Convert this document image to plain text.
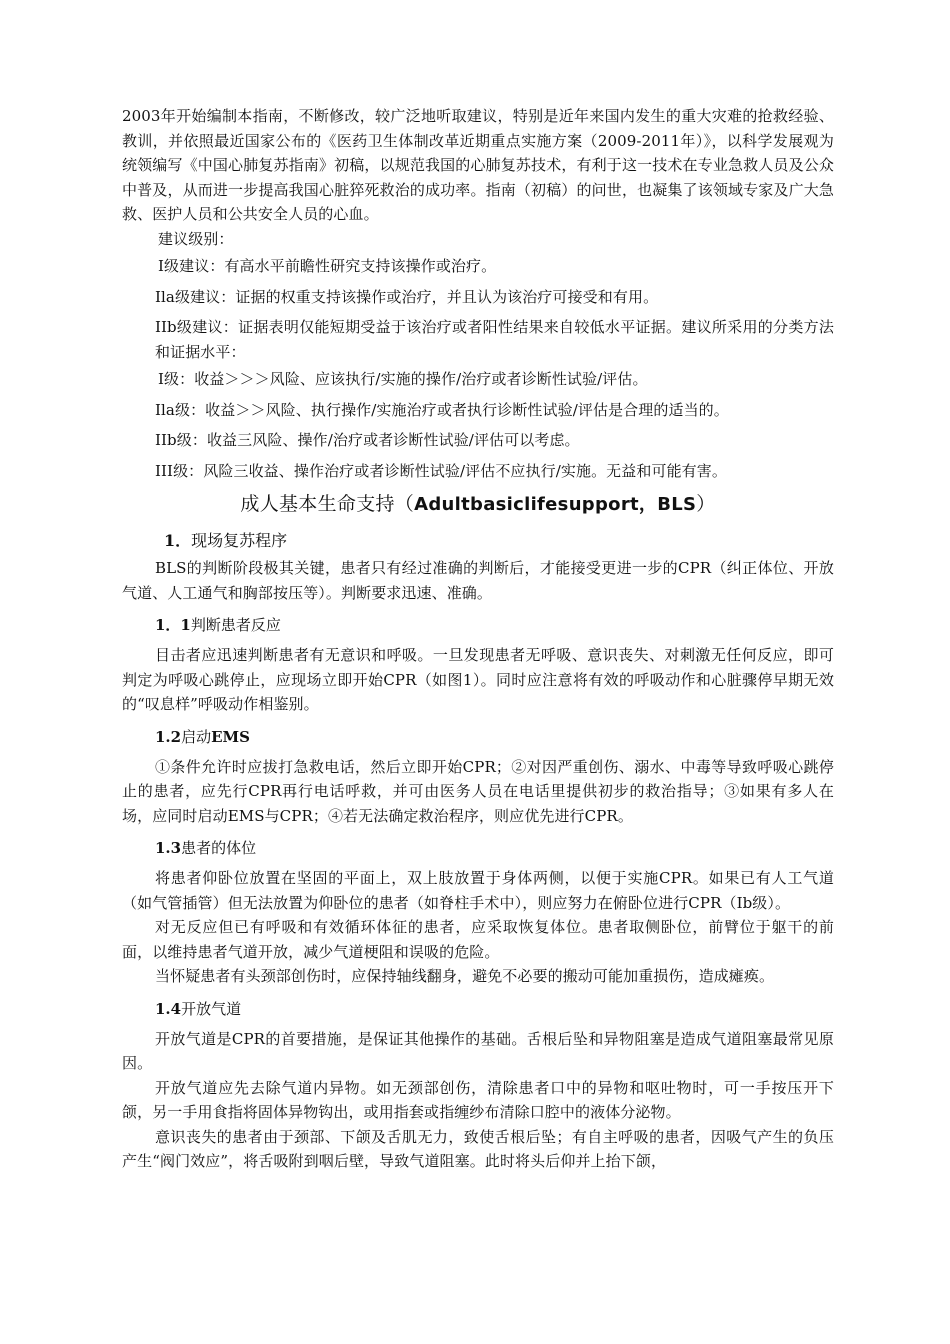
2003年开始编制本指南，不断修改，较广泛地听取建议，特别是近年来国内发生的重大灾难的抢救经验、教训，并依照最近国家公布的《医药卫生体制改革近期重点实施方案（2009-2011年）》，以科学发展观为统领编写《中国心肺复苏指南》初稿，以规范我国的心肺复苏技术，有利于这一技术在专业急救人员及公众中普及，从而进一步提高我国心脏猝死救治的成功率。指南（初稿）的问世，也凝集了该领域专家及广大急救、医护人员和公共安全人员的心血。

建议级别：

Ⅰ级建议：有高水平前瞻性研究支持该操作或治疗。

Ila级建议：证据的权重支持该操作或治疗，并且认为该治疗可接受和有用。

IIb级建议：证据表明仅能短期受益于该治疗或者阳性结果来自较低水平证据。建议所采用的分类方法和证据水平：

Ⅰ级：收益＞＞＞风险、应该执行/实施的操作/治疗或者诊断性试验/评估。

Ila级：收益＞＞风险、执行操作/实施治疗或者执行诊断性试验/评估是合理的适当的。

IIb级：收益三风险、操作/治疗或者诊断性试验/评估可以考虑。

III级：风险三收益、操作治疗或者诊断性试验/评估不应执行/实施。无益和可能有害。

成人基本生命支持（Adultbasiclifesupport，BLS）
1．现场复苏程序

BLS的判断阶段极其关键，患者只有经过准确的判断后，才能接受更进一步的CPR（纠正体位、开放气道、人工通气和胸部按压等）。判断要求迅速、准确。

1．1判断患者反应

目击者应迅速判断患者有无意识和呼吸。一旦发现患者无呼吸、意识丧失、对刺激无任何反应，即可判定为呼吸心跳停止，应现场立即开始CPR（如图1）。同时应注意将有效的呼吸动作和心脏骤停早期无效的“叹息样”呼吸动作相鉴别。

1.2启动EMS

①条件允许时应拔打急救电话，然后立即开始CPR；②对因严重创伤、溺水、中毒等导致呼吸心跳停止的患者，应先行CPR再行电话呼救，并可由医务人员在电话里提供初步的救治指导；③如果有多人在场，应同时启动EMS与CPR；④若无法确定救治程序，则应优先进行CPR。

1.3患者的体位

将患者仰卧位放置在坚固的平面上，双上肢放置于身体两侧，以便于实施CPR。如果已有人工气道（如气管插管）但无法放置为仰卧位的患者（如脊柱手术中），则应努力在俯卧位进行CPR（Ⅰb级）。

对无反应但已有呼吸和有效循环体征的患者，应采取恢复体位。患者取侧卧位，前臂位于躯干的前面，以维持患者气道开放，减少气道梗阻和误吸的危险。

当怀疑患者有头颈部创伤时，应保持轴线翻身，避免不必要的搬动可能加重损伤，造成瘫痪。

1.4开放气道

开放气道是CPR的首要措施，是保证其他操作的基础。舌根后坠和异物阻塞是造成气道阻塞最常见原因。

开放气道应先去除气道内异物。如无颈部创伤，清除患者口中的异物和呕吐物时，可一手按压开下颌，另一手用食指将固体异物钩出，或用指套或指缠纱布清除口腔中的液体分泌物。

意识丧失的患者由于颈部、下颌及舌肌无力，致使舌根后坠；有自主呼吸的患者，因吸气产生的负压产生“阀门效应”，将舌吸附到咽后壁，导致气道阻塞。此时将头后仰并上抬下颌，
